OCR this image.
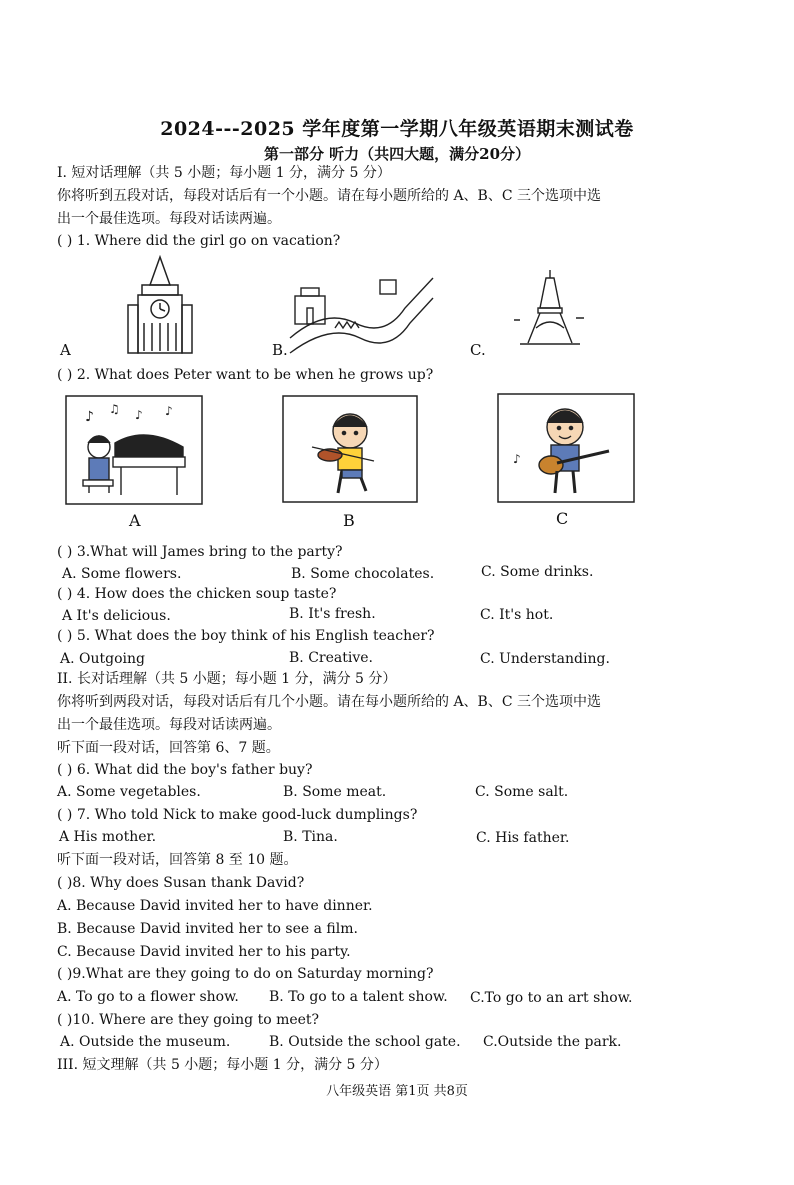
2024---2025 学年度第一学期八年级英语期末测试卷
第一部分 听力（共四大题，满分20分）
I. 短对话理解（共 5 小题；每小题 1 分，满分 5 分）
你将听到五段对话，每段对话后有一个小题。请在每小题所给的 A、B、C 三个选项中选
出一个最佳选项。每段对话读两遍。
( ) 1. Where did the girl go on vacation?
A	B.	C.
( ) 2. What does Peter want to be when he grows up?
♪ ♫ ♪ ♪
A	B
♪
C
( ) 3.What will James bring to the party?
A. Some flowers.	B. Some chocolates.	C. Some drinks.
( ) 4. How does the chicken soup taste?
A It's delicious.	B. It's fresh.	C. It's hot.
( ) 5. What does the boy think of his English teacher?
A. Outgoing	B. Creative.	C. Understanding.
II. 长对话理解（共 5 小题；每小题 1 分，满分 5 分）
你将听到两段对话，每段对话后有几个小题。请在每小题所给的 A、B、C 三个选项中选
出一个最佳选项。每段对话读两遍。
听下面一段对话，回答第 6、7 题。
( ) 6. What did the boy's father buy?
A. Some vegetables.	B. Some meat.	C. Some salt.
( ) 7. Who told Nick to make good-luck dumplings?
A His mother.	B. Tina.	C. His father.
听下面一段对话，回答第 8 至 10 题。
( )8. Why does Susan thank David?
A. Because David invited her to have dinner.
B. Because David invited her to see a film.
C. Because David invited her to his party.
( )9.What are they going to do on Saturday morning?
A. To go to a flower show. B. To go to a talent show. C.To go to an art show.
( )10. Where are they going to meet?
A. Outside the museum.	B. Outside the school gate. C.Outside the park.
III. 短文理解（共 5 小题；每小题 1 分，满分 5 分）
八年级英语 第1页 共8页
